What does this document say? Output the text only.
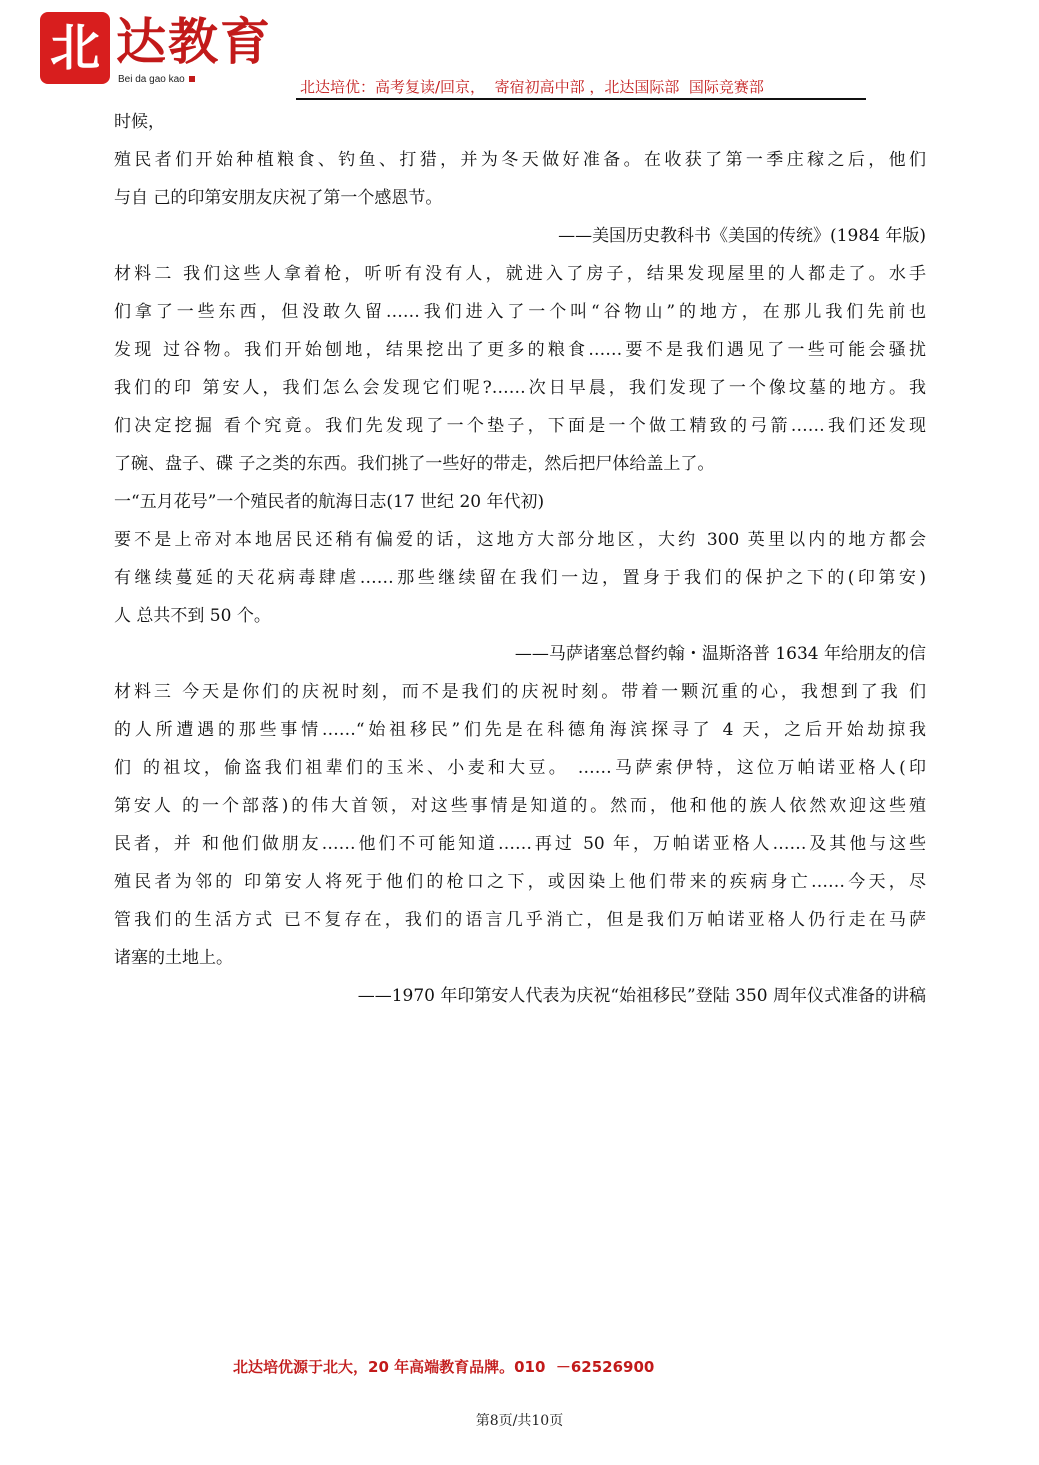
北 达教育
Bei da gao kao	北达培优：高考复读/回京，  寄宿初高中部 ，北达国际部  国际竞赛部
时候，
殖民者们开始种植粮食、钓鱼、打猎，并为冬天做好准备。在收获了第一季庄稼之后，他们
与自 己的印第安朋友庆祝了第一个感恩节。
——美国历史教科书《美国的传统》(1984 年版)
材料二 我们这些人拿着枪，听听有没有人，就进入了房子，结果发现屋里的人都走了。水手
们拿了一些东西，但没敢久留……我们进入了一个叫“谷物山”的地方，在那儿我们先前也
发现 过谷物。我们开始刨地，结果挖出了更多的粮食……要不是我们遇见了一些可能会骚扰
我们的印 第安人，我们怎么会发现它们呢?……次日早晨，我们发现了一个像坟墓的地方。我
们决定挖掘 看个究竟。我们先发现了一个垫子，下面是一个做工精致的弓箭……我们还发现
了碗、盘子、碟 子之类的东西。我们挑了一些好的带走，然后把尸体给盖上了。
一“五月花号”一个殖民者的航海日志(17 世纪 20 年代初)
要不是上帝对本地居民还稍有偏爱的话，这地方大部分地区，大约 300 英里以内的地方都会
有继续蔓延的天花病毒肆虐……那些继续留在我们一边，置身于我们的保护之下的(印第安)
人 总共不到 50 个。
——马萨诸塞总督约翰・温斯洛普 1634 年给朋友的信
材料三 今天是你们的庆祝时刻，而不是我们的庆祝时刻。带着一颗沉重的心，我想到了我 们
的人所遭遇的那些事情……“始祖移民”们先是在科德角海滨探寻了 4 天，之后开始劫掠我
们 的祖坟，偷盗我们祖辈们的玉米、小麦和大豆。 ……马萨索伊特，这位万帕诺亚格人(印
第安人 的一个部落)的伟大首领，对这些事情是知道的。然而，他和他的族人依然欢迎这些殖
民者，并 和他们做朋友……他们不可能知道……再过 50 年，万帕诺亚格人……及其他与这些
殖民者为邻的 印第安人将死于他们的枪口之下，或因染上他们带来的疾病身亡……今天，尽
管我们的生活方式 已不复存在，我们的语言几乎消亡，但是我们万帕诺亚格人仍行走在马萨
诸塞的土地上。
——1970 年印第安人代表为庆祝“始祖移民”登陆 350 周年仪式准备的讲稿
北达培优源于北大，20 年高端教育品牌。010  －62526900
第8页/共10页
